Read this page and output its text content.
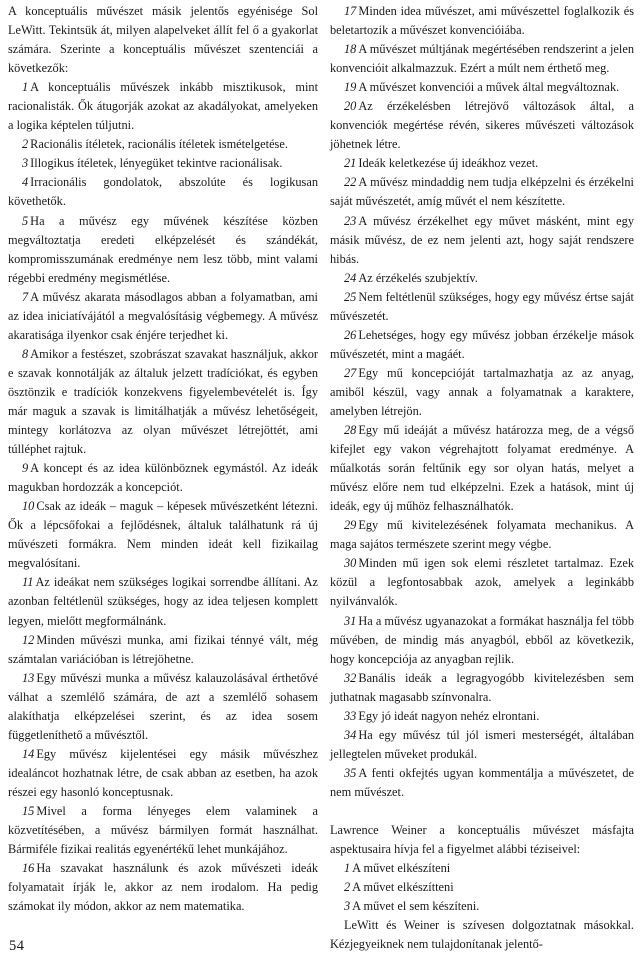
A konceptuális művészet másik jelentős egyénisége Sol LeWitt. Tekintsük át, milyen alapelveket állít fel ő a gyakorlat számára. Szerinte a konceptuális művészet szentenciái a következők:

1 A konceptuális művészek inkább misztikusok, mint racionalisták. Ők átugorják azokat az akadályokat, amelyeken a logika képtelen túljutni.

2 Racionális ítéletek, racionális ítéletek ismételgetése.

3 Illogikus ítéletek, lényegüket tekintve racionálisak.

4 Irracionális gondolatok, abszolúte és logikusan követhetők.

5 Ha a művész egy művének készítése közben megváltoztatja eredeti elképzelését és szándékát, kompromisszumának eredménye nem lesz több, mint valami régebbi eredmény megismétlése.

7 A művész akarata másodlagos abban a folyamatban, ami az idea iniciatívájától a megvalósításig végbemegy. A művész akaratisága ilyenkor csak énjére terjedhet ki.

8 Amikor a festészet, szobrászat szavakat használjuk, akkor e szavak konnotálják az általuk jelzett tradíciókat, és egyben ösztönzik e tradíciók konzekvens figyelembevételét is. Így már maguk a szavak is limitálhatják a művész lehetőségeit, mintegy korlátozva az olyan művészet létrejöttét, ami túlléphet rajtuk.

9 A koncept és az idea különböznek egymástól. Az ideák magukban hordozzák a koncepciót.

10 Csak az ideák – maguk – képesek művészetként létezni. Ők a lépcsőfokai a fejlődésnek, általuk találhatunk rá új művészeti formákra. Nem minden ideát kell fizikailag megvalósítani.

11 Az ideákat nem szükséges logikai sorrendbe állítani. Az azonban feltétlenül szükséges, hogy az idea teljesen komplett legyen, mielőtt megformálnánk.

12 Minden művészi munka, ami fizikai ténnyé vált, még számtalan variációban is létrejöhetne.

13 Egy művészi munka a művész kalauzolásával érthetővé válhat a szemlélő számára, de azt a szemlélő sohasem alakíthatja elképzelései szerint, és az idea sosem függetleníthető a művésztől.

14 Egy művész kijelentései egy másik művészhez idealáncot hozhatnak létre, de csak abban az esetben, ha azok részei egy hasonló konceptusnak.

15 Mivel a forma lényeges elem valaminek a közvetítésében, a művész bármilyen formát használhat. Bármiféle fizikai realitás egyenértékű lehet munkájához.

16 Ha szavakat használunk és azok művészeti ideák folyamatait írják le, akkor az nem irodalom. Ha pedig számokat ily módon, akkor az nem matematika.

17 Minden idea művészet, ami művészettel foglalkozik és beletartozik a művészet konvencióiába.

18 A művészet múltjának megértésében rendszerint a jelen konvencióit alkalmazzuk. Ezért a múlt nem érthető meg.

19 A művészet konvenciói a művek által megváltoznak.

20 Az érzékelésben létrejövő változások által, a konvenciók megértése révén, sikeres művészeti változások jöhetnek létre.

21 Ideák keletkezése új ideákhoz vezet.

22 A művész mindaddig nem tudja elképzelni és érzékelni saját művészetét, amíg művét el nem készítette.

23 A művész érzékelhet egy művet másként, mint egy másik művész, de ez nem jelenti azt, hogy saját rendszere hibás.

24 Az érzékelés szubjektív.

25 Nem feltétlenül szükséges, hogy egy művész értse saját művészetét.

26 Lehetséges, hogy egy művész jobban érzékelje mások művészetét, mint a magáét.

27 Egy mű koncepcióját tartalmazhatja az az anyag, amiből készül, vagy annak a folyamatnak a karaktere, amelyben létrejön.

28 Egy mű ideáját a művész határozza meg, de a végső kifejlet egy vakon végrehajtott folyamat eredménye. A műalkotás során feltűnik egy sor olyan hatás, melyet a művész előre nem tud elképzelni. Ezek a hatások, mint új ideák, egy új műhöz felhasználhatók.

29 Egy mű kivitelezésének folyamata mechanikus. A maga sajátos természete szerint megy végbe.

30 Minden mű igen sok elemi részletet tartalmaz. Ezek közül a legfontosabbak azok, amelyek a leginkább nyilvánvalók.

31 Ha a művész ugyanazokat a formákat használja fel több művében, de mindig más anyagból, ebből az következik, hogy koncepciója az anyagban rejlik.

32 Banális ideák a legragyogóbb kivitelezésben sem juthatnak magasabb színvonalra.

33 Egy jó ideát nagyon nehéz elrontani.

34 Ha egy művész túl jól ismeri mesterségét, általában jellegtelen műveket produkál.

35 A fenti okfejtés ugyan kommentálja a művészetet, de nem művészet.

Lawrence Weiner a konceptuális művészet másfajta aspektusaira hívja fel a figyelmet alábbi téziseivel:

1 A művet elkészíteni

2 A művet elkészítteni

3 A művet el sem készíteni.

LeWitt és Weiner is szívesen dolgoztatnak másokkal. Kézjegyeiknek nem tulajdonítanak jelentő-

54
